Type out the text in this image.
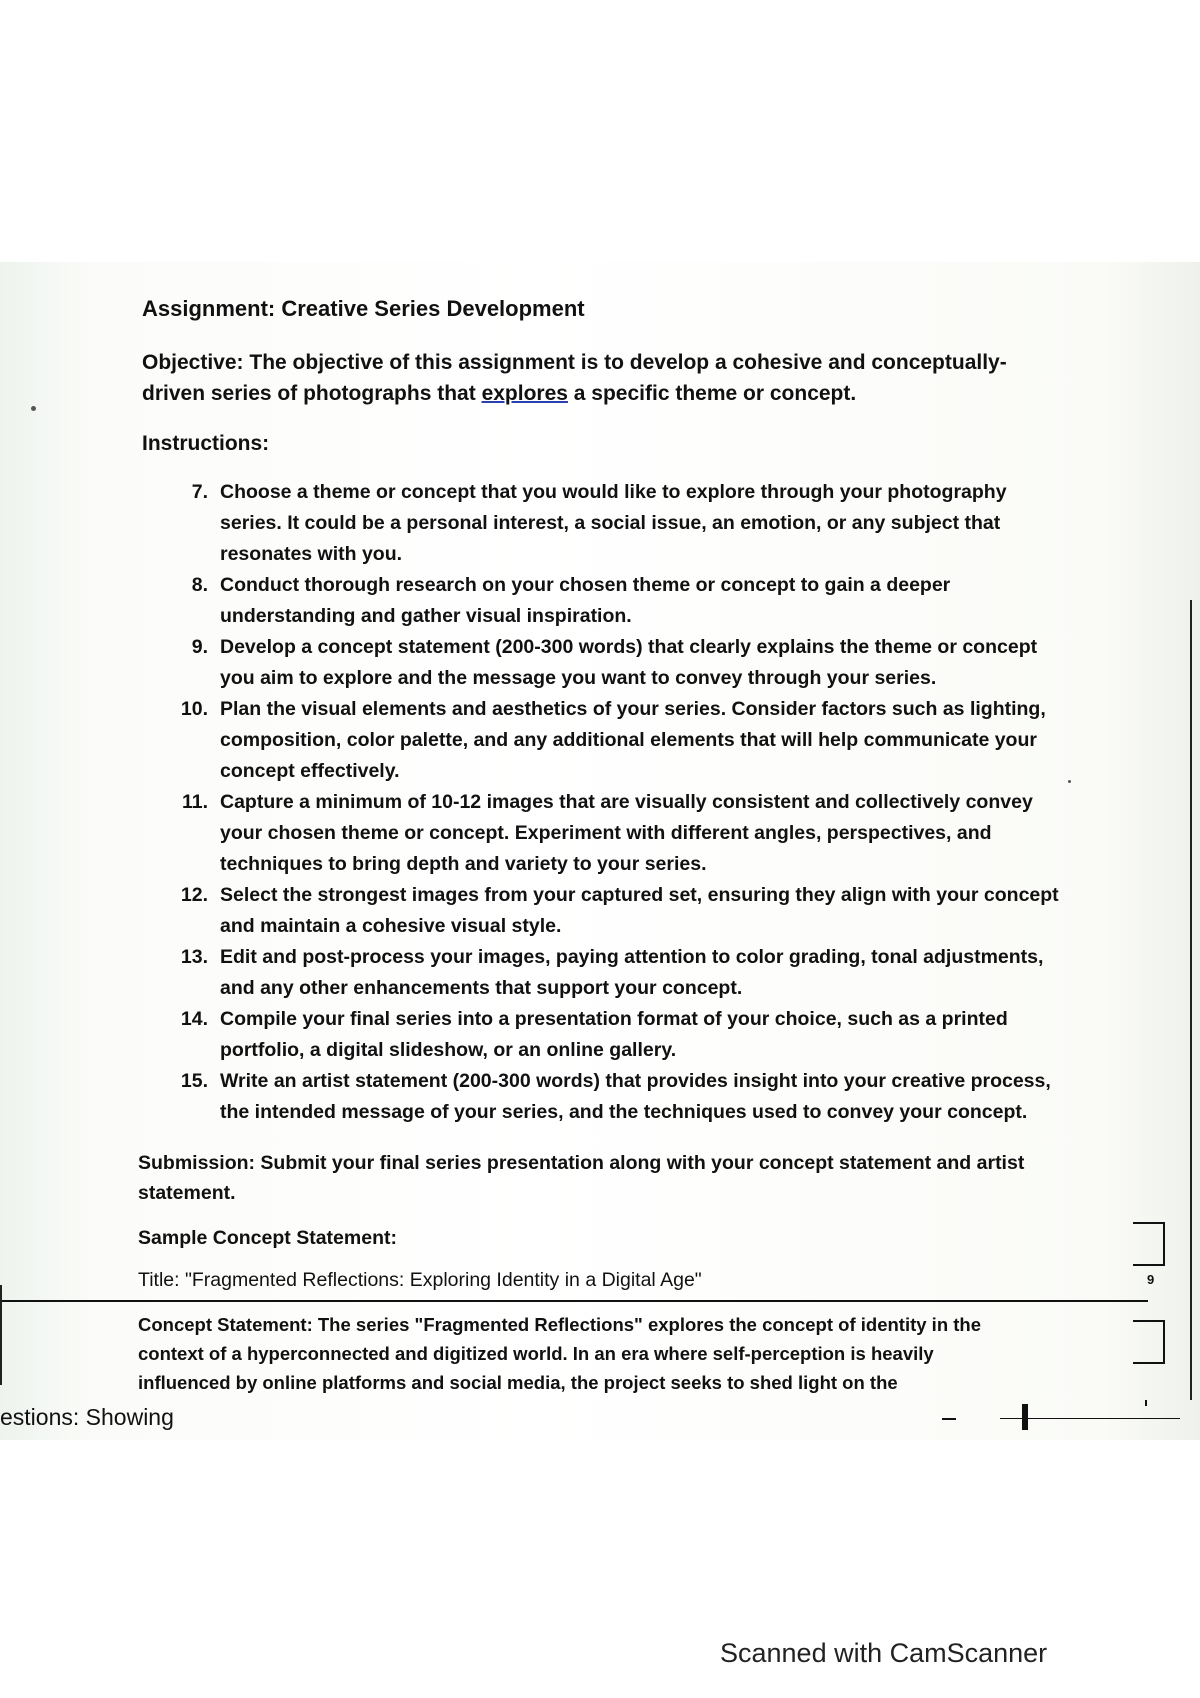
Assignment: Creative Series Development
Objective: The objective of this assignment is to develop a cohesive and conceptually-driven series of photographs that explores a specific theme or concept.
Instructions:
7. Choose a theme or concept that you would like to explore through your photography series. It could be a personal interest, a social issue, an emotion, or any subject that resonates with you.
8. Conduct thorough research on your chosen theme or concept to gain a deeper understanding and gather visual inspiration.
9. Develop a concept statement (200-300 words) that clearly explains the theme or concept you aim to explore and the message you want to convey through your series.
10. Plan the visual elements and aesthetics of your series. Consider factors such as lighting, composition, color palette, and any additional elements that will help communicate your concept effectively.
11. Capture a minimum of 10-12 images that are visually consistent and collectively convey your chosen theme or concept. Experiment with different angles, perspectives, and techniques to bring depth and variety to your series.
12. Select the strongest images from your captured set, ensuring they align with your concept and maintain a cohesive visual style.
13. Edit and post-process your images, paying attention to color grading, tonal adjustments, and any other enhancements that support your concept.
14. Compile your final series into a presentation format of your choice, such as a printed portfolio, a digital slideshow, or an online gallery.
15. Write an artist statement (200-300 words) that provides insight into your creative process, the intended message of your series, and the techniques used to convey your concept.
Submission: Submit your final series presentation along with your concept statement and artist statement.
Sample Concept Statement:
Title: "Fragmented Reflections: Exploring Identity in a Digital Age"
Concept Statement: The series "Fragmented Reflections" explores the concept of identity in the context of a hyperconnected and digitized world. In an era where self-perception is heavily influenced by online platforms and social media, the project seeks to shed light on the
9
estions: Showing
Scanned with CamScanner
